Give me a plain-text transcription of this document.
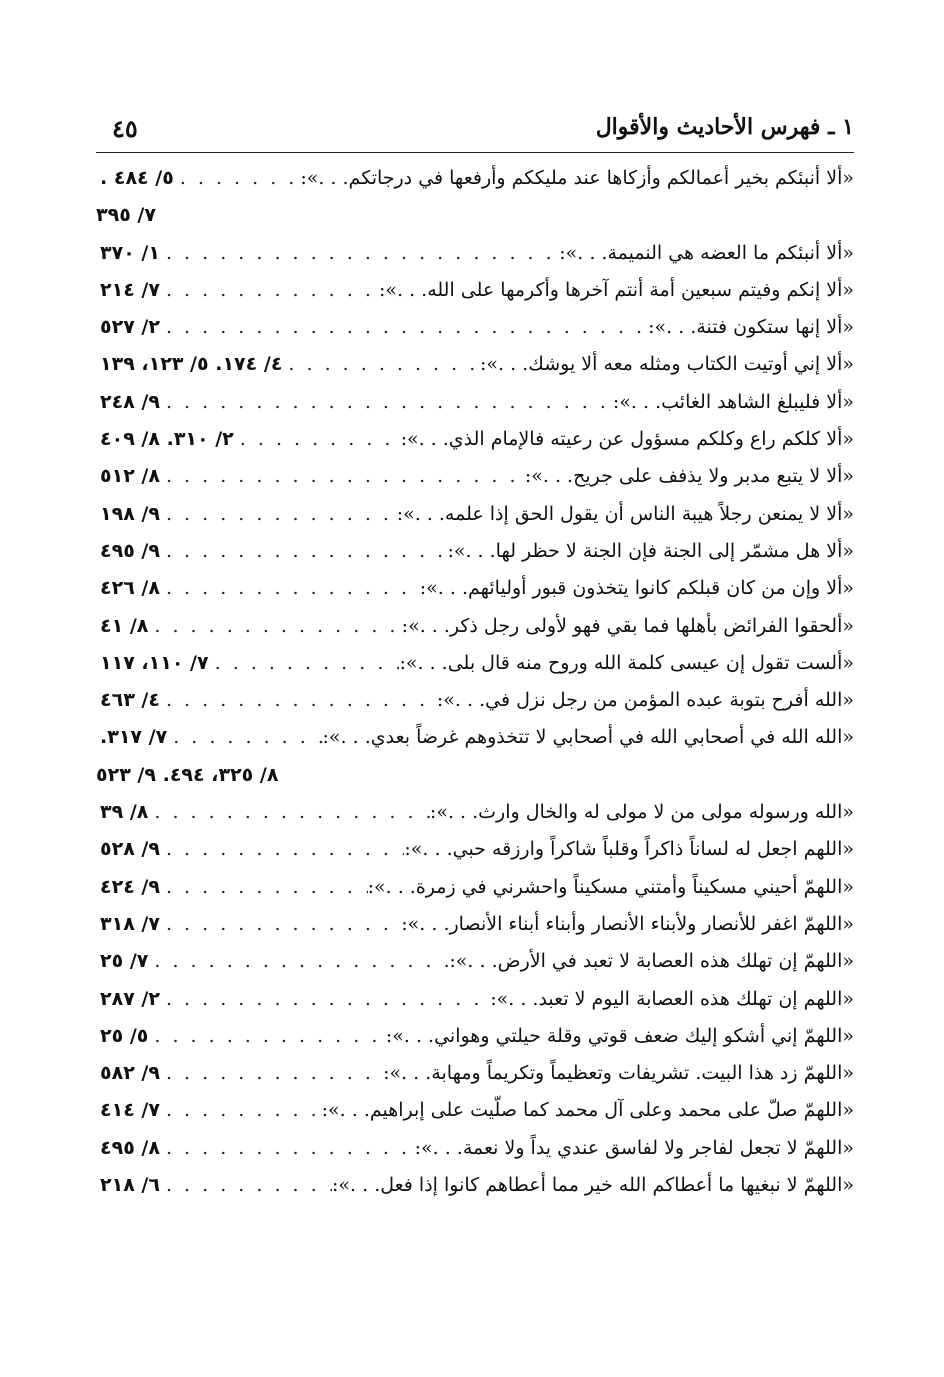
١ ـ فهرس الأحاديث والأقوال
٤٥
«ألا أنبئكم بخير أعمالكم وأزكاها عند مليككم وأرفعها في درجاتكم. . .»:
. . .
٥/ ٤٨٤ .
٧/ ٣٩٥
«ألا أنبئكم ما العضه هي النميمة. . .»:
. . .
١/ ٣٧٠
«ألا إنكم وفيتم سبعين أمة أنتم آخرها وأكرمها على الله. . .»:
. . .
٧/ ٢١٤
«ألا إنها ستكون فتنة. . .»:
. . .
٢/ ٥٢٧
«ألا إني أوتيت الكتاب ومثله معه ألا يوشك. . .»:
. . .
٤/ ١٧٤. ٥/ ١٢٣، ١٣٩
«ألا فليبلغ الشاهد الغائب. . .»:
. . .
٩/ ٢٤٨
«ألا كلكم راع وكلكم مسؤول عن رعيته فالإمام الذي. . .»:
. . .
٢/ ٣١٠. ٨/ ٤٠٩
«ألا لا يتبع مدبر ولا يذفف على جريح. . .»:
. . .
٨/ ٥١٢
«ألا لا يمنعن رجلاً هيبة الناس أن يقول الحق إذا علمه. . .»:
. . .
٩/ ١٩٨
«ألا هل مشمّر إلى الجنة فإن الجنة لا حظر لها. . .»:
. . .
٩/ ٤٩٥
«ألا وإن من كان قبلكم كانوا يتخذون قبور أوليائهم. . .»:
. . .
٨/ ٤٢٦
«ألحقوا الفرائض بأهلها فما بقي فهو لأولى رجل ذكر. . .»:
. . .
٨/ ٤١
«ألست تقول إن عيسى كلمة الله وروح منه قال بلى. . .»:
. . .
٧/ ١١٠، ١١٧
«الله أفرح بتوبة عبده المؤمن من رجل نزل في. . .»:
. . .
٤/ ٤٦٣
«الله الله في أصحابي الله في أصحابي لا تتخذوهم غرضاً بعدي. . .»:
. . .
٧/ ٣١٧.
٨/ ٣٢٥، ٤٩٤. ٩/ ٥٢٣
«الله ورسوله مولى من لا مولى له والخال وارث. . .»:
. . .
٨/ ٣٩
«اللهم اجعل له لساناً ذاكراً وقلباً شاكراً وارزقه حبي. . .»:
. . .
٩/ ٥٢٨
«اللهمّ أحيني مسكيناً وأمتني مسكيناً واحشرني في زمرة. . .»:
. . .
٩/ ٤٢٤
«اللهمّ اغفر للأنصار ولأبناء الأنصار وأبناء أبناء الأنصار. . .»:
. . .
٧/ ٣١٨
«اللهمّ إن تهلك هذه العصابة لا تعبد في الأرض. . .»:
. . .
٧/ ٢٥
«اللهم إن تهلك هذه العصابة اليوم لا تعبد. . .»:
. . .
٢/ ٢٨٧
«اللهمّ إني أشكو إليك ضعف قوتي وقلة حيلتي وهواني. . .»:
. . .
٥/ ٢٥
«اللهمّ زد هذا البيت. تشريفات وتعظيماً وتكريماً ومهابة. . .»:
. . .
٩/ ٥٨٢
«اللهمّ صلّ على محمد وعلى آل محمد كما صلّيت على إبراهيم. . .»:
. . .
٧/ ٤١٤
«اللهمّ لا تجعل لفاجر ولا لفاسق عندي يداً ولا نعمة. . .»:
. . .
٨/ ٤٩٥
«اللهمّ لا نبغيها ما أعطاكم الله خير مما أعطاهم كانوا إذا فعل. . .»:
. . .
٦/ ٢١٨
